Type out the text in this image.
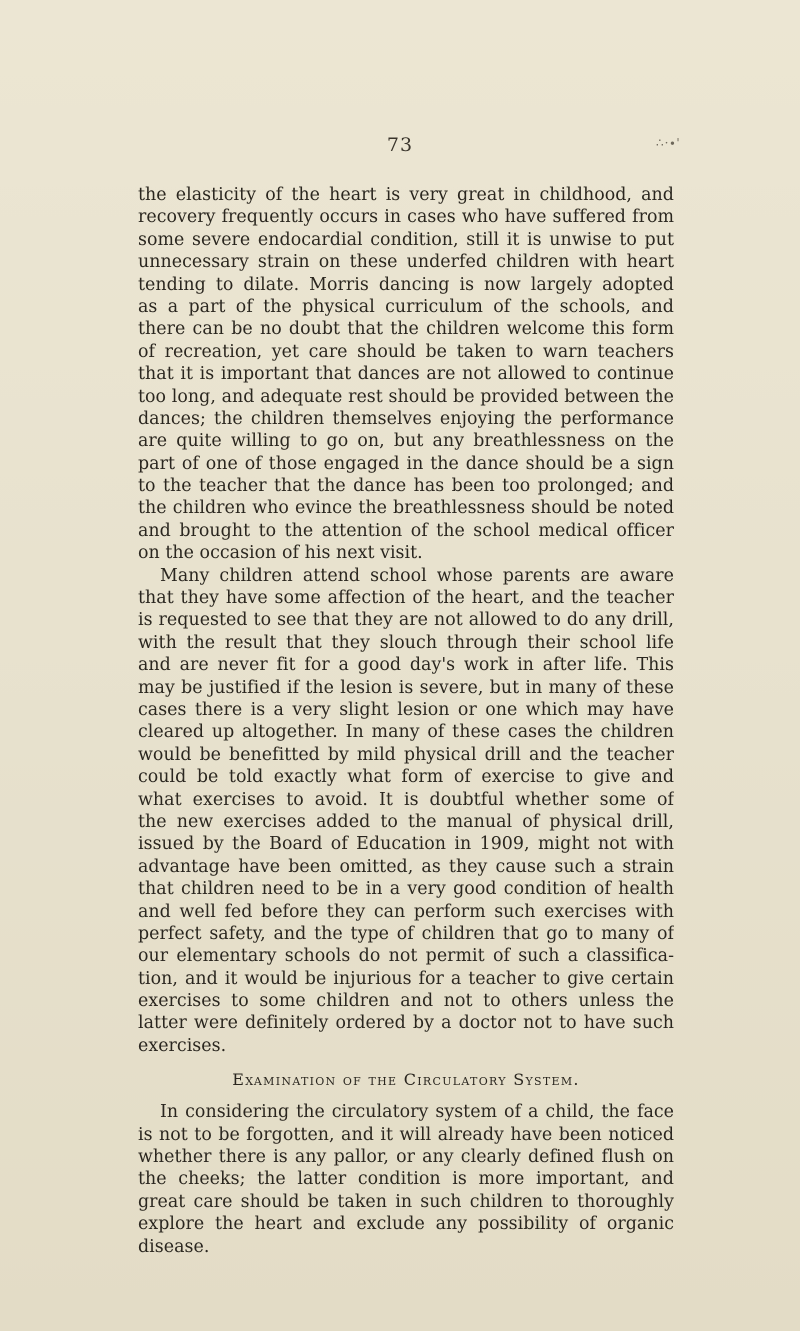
73	∴·∙'
the elasticity of the heart is very great in childhood, and
recovery frequently occurs in cases who have suffered from
some severe endocardial condition, still it is unwise to put
unnecessary strain on these underfed children with heart
tending to dilate. Morris dancing is now largely adopted
as a part of the physical curriculum of the schools, and
there can be no doubt that the children welcome this form
of recreation, yet care should be taken to warn teachers
that it is important that dances are not allowed to continue
too long, and adequate rest should be provided between the
dances; the children themselves enjoying the performance
are quite willing to go on, but any breathlessness on the
part of one of those engaged in the dance should be a sign
to the teacher that the dance has been too prolonged; and
the children who evince the breathlessness should be noted
and brought to the attention of the school medical officer
on the occasion of his next visit.
Many children attend school whose parents are aware
that they have some affection of the heart, and the teacher
is requested to see that they are not allowed to do any drill,
with the result that they slouch through their school life
and are never fit for a good day's work in after life. This
may be justified if the lesion is severe, but in many of these
cases there is a very slight lesion or one which may have
cleared up altogether. In many of these cases the children
would be benefitted by mild physical drill and the teacher
could be told exactly what form of exercise to give and
what exercises to avoid. It is doubtful whether some of
the new exercises added to the manual of physical drill,
issued by the Board of Education in 1909, might not with
advantage have been omitted, as they cause such a strain
that children need to be in a very good condition of health
and well fed before they can perform such exercises with
perfect safety, and the type of children that go to many of
our elementary schools do not permit of such a classifica-
tion, and it would be injurious for a teacher to give certain
exercises to some children and not to others unless the
latter were definitely ordered by a doctor not to have such
exercises.
Examination of the Circulatory System.
In considering the circulatory system of a child, the face
is not to be forgotten, and it will already have been noticed
whether there is any pallor, or any clearly defined flush on
the cheeks; the latter condition is more important, and
great care should be taken in such children to thoroughly
explore the heart and exclude any possibility of organic
disease.
